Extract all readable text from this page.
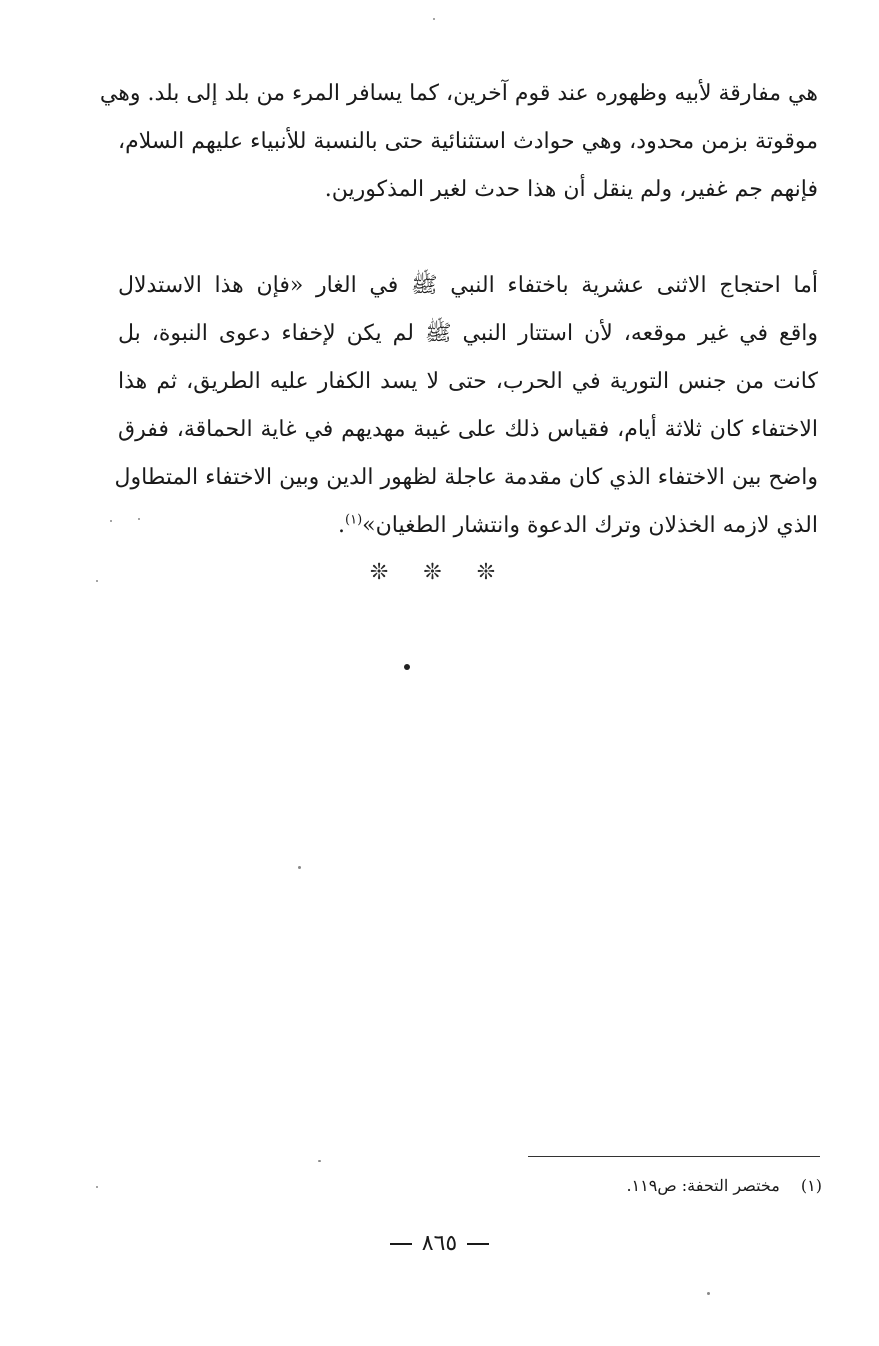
هي مفارقة لأبيه وظهوره عند قوم آخرين، كما يسافر المرء من بلد إلى بلد. وهي
موقوتة بزمن محدود، وهي حوادث استثنائية حتى بالنسبة للأنبياء عليهم السلام،
فإنهم جم غفير، ولم ينقل أن هذا حدث لغير المذكورين.
أما احتجاج الاثنى عشرية باختفاء النبي ﷺ في الغار «فإن هذا الاستدلال
واقع في غير موقعه، لأن استتار النبي ﷺ لم يكن لإخفاء دعوى النبوة، بل
كانت من جنس التورية في الحرب، حتى لا يسد الكفار عليه الطريق، ثم هذا
الاختفاء كان ثلاثة أيام، فقياس ذلك على غيبة مهديهم في غاية الحماقة، ففرق
واضح بين الاختفاء الذي كان مقدمة عاجلة لظهور الدين وبين الاختفاء المتطاول
الذي لازمه الخذلان وترك الدعوة وانتشار الطغيان»$^{(١)}$.
❊ ❊ ❊
(١) مختصر التحفة: ص١١٩.
٨٦٥
